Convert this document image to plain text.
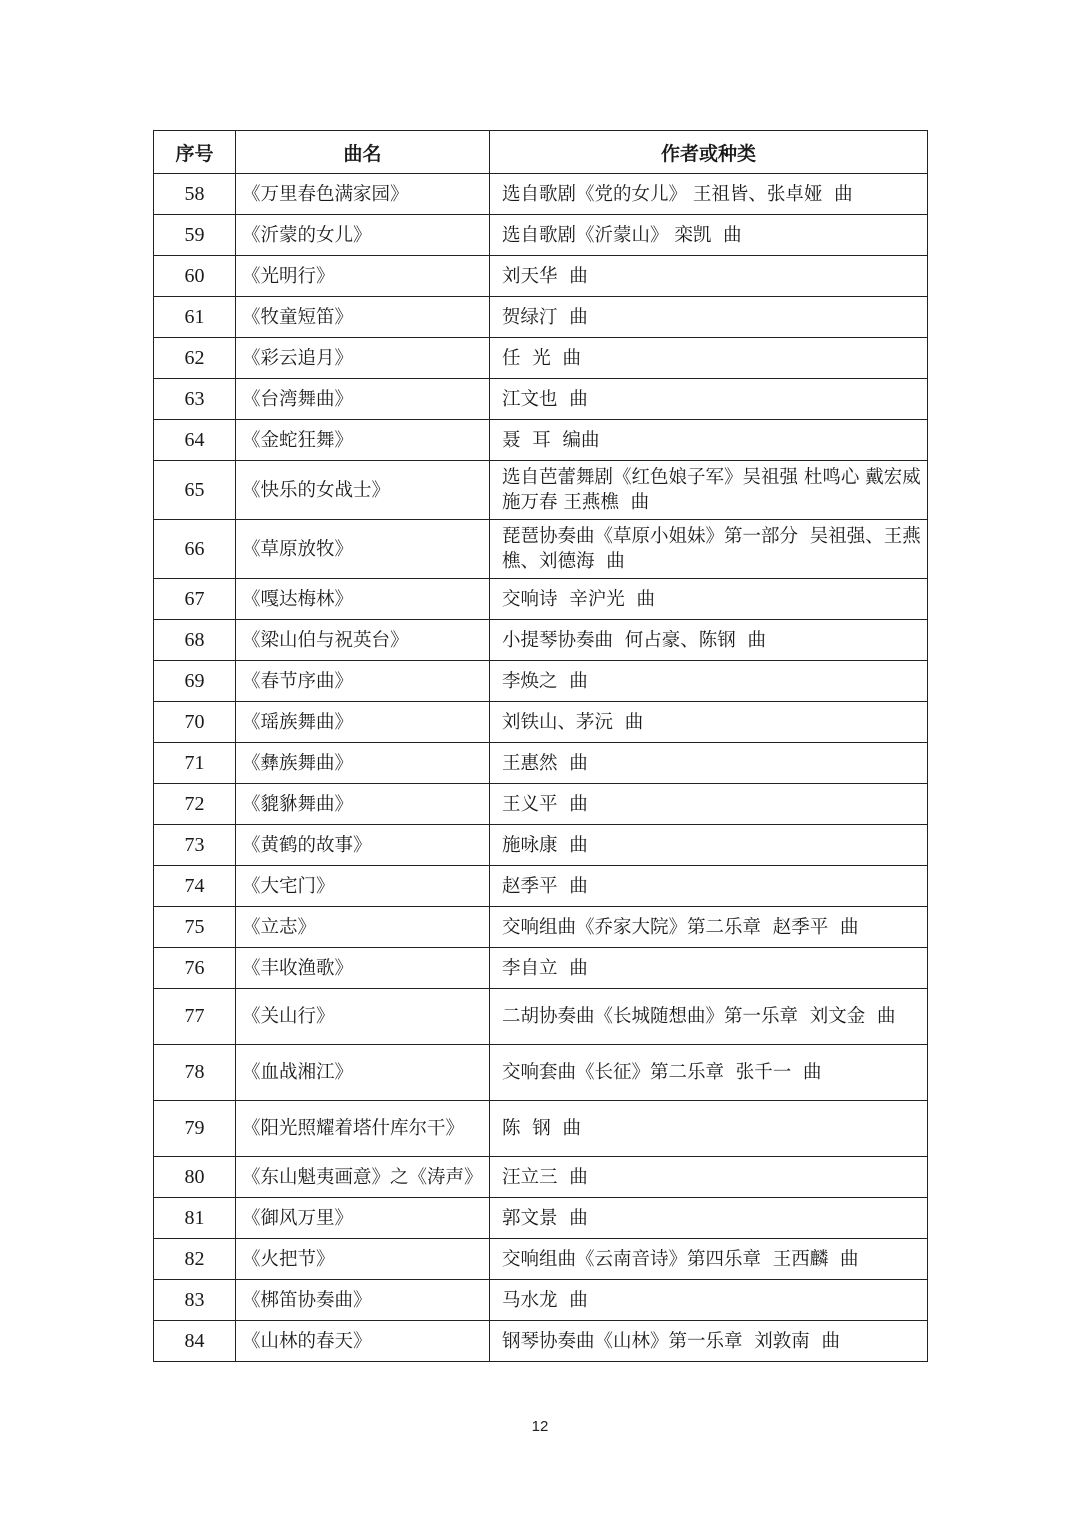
序号	曲名	作者或种类
58	《万里春色满家园》	选自歌剧《党的女儿》 王祖皆、张卓娅  曲
59	《沂蒙的女儿》	选自歌剧《沂蒙山》 栾凯  曲
60	《光明行》	刘天华  曲
61	《牧童短笛》	贺绿汀  曲
62	《彩云追月》	任  光  曲
63	《台湾舞曲》	江文也  曲
64	《金蛇狂舞》	聂  耳  编曲
65	《快乐的女战士》	选自芭蕾舞剧《红色娘子军》吴祖强 杜鸣心 戴宏威 施万春 王燕樵  曲
66	《草原放牧》	琵琶协奏曲《草原小姐妹》第一部分  吴祖强、王燕樵、刘德海  曲
67	《嘎达梅林》	交响诗  辛沪光  曲
68	《梁山伯与祝英台》	小提琴协奏曲  何占豪、陈钢  曲
69	《春节序曲》	李焕之  曲
70	《瑶族舞曲》	刘铁山、茅沅  曲
71	《彝族舞曲》	王惠然  曲
72	《貔貅舞曲》	王义平  曲
73	《黄鹤的故事》	施咏康  曲
74	《大宅门》	赵季平  曲
75	《立志》	交响组曲《乔家大院》第二乐章  赵季平  曲
76	《丰收渔歌》	李自立  曲
77	《关山行》	二胡协奏曲《长城随想曲》第一乐章  刘文金  曲
78	《血战湘江》	交响套曲《长征》第二乐章  张千一  曲
79	《阳光照耀着塔什库尔干》	陈  钢  曲
80	《东山魁夷画意》之《涛声》	汪立三  曲
81	《御风万里》	郭文景  曲
82	《火把节》	交响组曲《云南音诗》第四乐章  王西麟  曲
83	《梆笛协奏曲》	马水龙  曲
84	《山林的春天》	钢琴协奏曲《山林》第一乐章  刘敦南  曲
12
